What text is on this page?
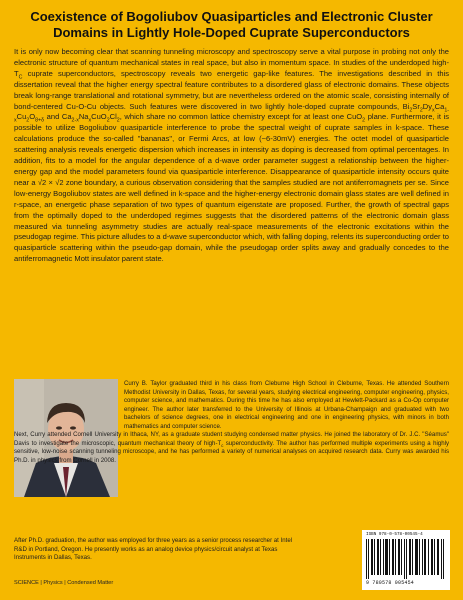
Coexistence of Bogoliubov Quasiparticles and Electronic Cluster Domains in Lightly Hole-Doped Cuprate Superconductors

It is only now becoming clear that scanning tunneling microscopy and spectroscopy serve a vital purpose in probing not only the electronic structure of quantum mechanical states in real space, but also in momentum space. In studies of the underdoped high-$T_C$ cuprate superconductors, spectroscopy reveals two energetic gap-like features. The investigations described in this dissertation reveal that the higher energy spectral feature contributes to a disordered glass of electronic domains. These objects break long-range translational and rotational symmetry, but are nevertheless ordered on the atomic scale, consisting internally of bond-centered Cu-O-Cu objects. Such features were discovered in two lightly hole-doped cuprate compounds, $Bi_2Sr_2Dy_xCa_{1-x}Cu_2O_{8+\delta}$ and $Ca_{2-x}Na_xCuO_2Cl_2$, which share no common lattice chemistry except for at least one CuO$_2$ plane. Furthermore, it is possible to utilize Bogoliubov quasiparticle interference to probe the spectral weight of cuprate samples in k-space. These calculations produce the so-called "bananas", or Fermi Arcs, at low (~6-30mV) energies. The octet model of quasiparticle scattering analysis reveals energetic dispersion which increases in intensity as doping is decreased from optimal percentages. In addition, fits to a model for the angular dependence of a d-wave order parameter suggest a relationship between the higher-energy gap and the model parameters found via quasiparticle interference. Disappearance of quasiparticle intensity occurs quite near a √2 × √2 zone boundary, a curious observation considering that the samples studied are not antiferromagnets per se. Since low-energy Bogoliubov states are well defined in k-space and the higher-energy electronic domain glass states are well defined in r-space, an energetic phase separation of two types of quantum eigenstate are proposed. Further, the growth of spectral gaps from the optimally doped to the underdoped regimes suggests that the disordered patterns of the electronic domain glass measured via tunneling asymmetry studies are actually real-space measurements of the electronic excitations within the pseudogap regime. This picture alludes to a d-wave superconductor which, with falling doping, relents its superconducting order to quasiparticle scattering within the pseudo-gap domain, while the pseudogap order splits away and gradually concedes to the antiferromagnetic Mott insulator parent state.

Curry B. Taylor graduated third in his class from Cleburne High School in Cleburne, Texas. He attended Southern Methodist University in Dallas, Texas, for several years, studying electrical engineering, computer engineering, physics, computer science, and mathematics. During this time he has also employed at Hewlett-Packard as a Co-Op computer engineer. The author later transferred to the University of Illinois at Urbana-Champaign and graduated with two bachelors of science degrees, one in electrical engineering and one in engineering physics, with minors in both mathematics and computer science.
Next, Curry attended Cornell University in Ithaca, NY, as a graduate student studying condensed matter physics. He joined the laboratory of Dr. J.C. "Séamus" Davis to investigate the microscopic, quantum mechanical theory of high-$T_c$ superconductivity. The author has performed multiple experiments using a highly sensitive, low-noise scanning tunneling microscope, and he has performed a variety of numerical analyses on acquired research data. Curry was awarded his Ph.D. in physics from Cornell in 2008.
After Ph.D. graduation, the author was employed for three years as a senior process researcher at Intel R&D in Portland, Oregon. He presently works as an analog device physics/circuit analyst at Texas Instruments in Dallas, Texas.
ISBN 978-0-578-00545-4
9 780578 005454
SCIENCE | Physics | Condensed Matter
